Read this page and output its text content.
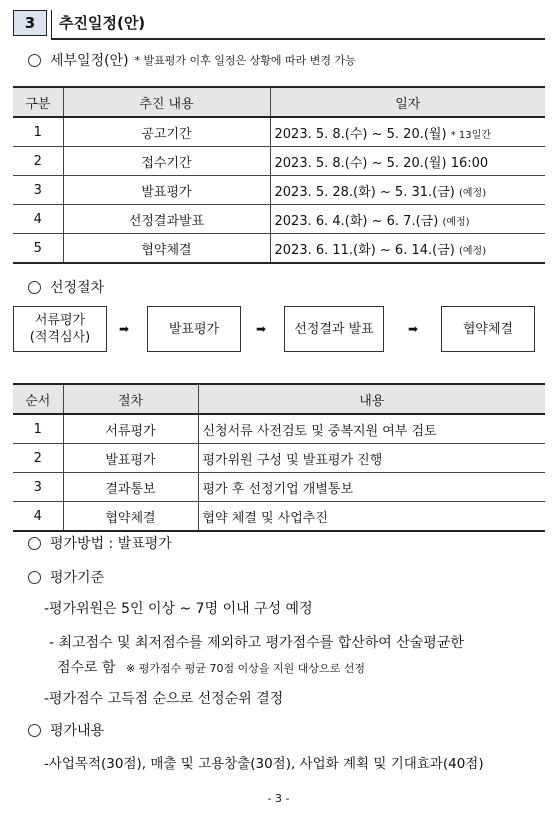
3	추진일정(안)
세부일정(안) * 발표평가 이후 일정은 상황에 따라 변경 가능
구분	추진 내용	일자
1	공고기간	2023. 5. 8.(수) ~ 5. 20.(월) * 13일간
2	접수기간	2023. 5. 8.(수) ~ 5. 20.(월) 16:00
3	발표평가	2023. 5. 28.(화) ~ 5. 31.(금) (예정)
4	선정결과발표	2023. 6. 4.(화) ~ 6. 7.(금) (예정)
5	협약체결	2023. 6. 11.(화) ~ 6. 14.(금) (예정)
선정절차
서류평가
(적격심사)
➡	발표평가	➡	선정결과 발표	➡	협약체결
순서	절차	내용
1	서류평가	신청서류 사전검토 및 중복지원 여부 검토
2	발표평가	평가위원 구성 및 발표평가 진행
3	결과통보	평가 후 선정기업 개별통보
4	협약체결	협약 체결 및 사업추진
평가방법 : 발표평가
평가기준
-평가위원은 5인 이상 ~ 7명 이내 구성 예정
- 최고점수 및 최저점수를 제외하고 평가점수를 합산하여 산술평균한
점수로 함 ※ 평가점수 평균 70점 이상을 지원 대상으로 선정
-평가점수 고득점 순으로 선정순위 결정
평가내용
-사업목적(30점), 매출 및 고용창출(30점), 사업화 계획 및 기대효과(40점)
- 3 -
